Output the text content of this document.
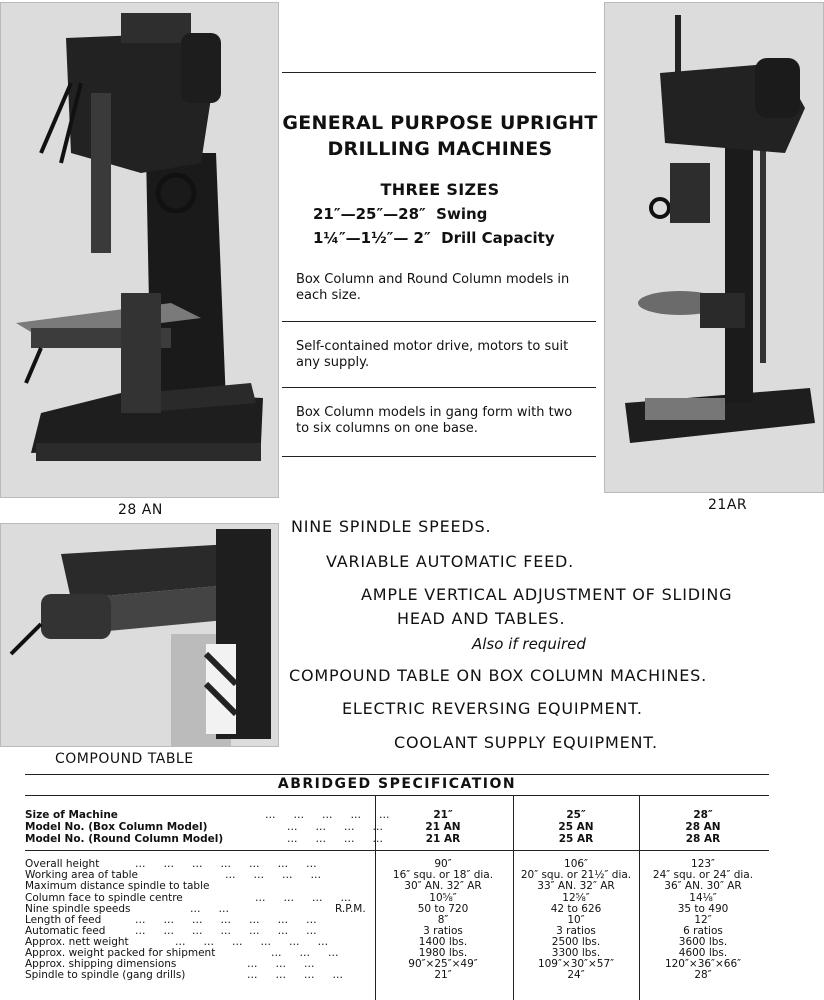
28 AN	21AR
COMPOUND TABLE
GENERAL PURPOSE UPRIGHT
DRILLING MACHINES
THREE SIZES
21″—25″—28″  Swing
1¼″—1½″— 2″  Drill Capacity
Box Column and Round Column models in each size.
Self-contained motor drive, motors to suit any supply.
Box Column models in gang form with two to six columns on one base.
NINE SPINDLE SPEEDS.
VARIABLE AUTOMATIC FEED.
AMPLE VERTICAL ADJUSTMENT OF SLIDING
HEAD AND TABLES.
Also if required
COMPOUND TABLE ON BOX COLUMN MACHINES.
ELECTRIC REVERSING EQUIPMENT.
COOLANT SUPPLY EQUIPMENT.
ABRIDGED SPECIFICATION
Size of Machine
Model No. (Box Column Model)
Model No. (Round Column Model)
…   …   …   …   …
…   …   …   …
…   …   …   …
21″
21 AN
21 AR
25″
25 AN
25 AR
28″
28 AN
28 AR
Overall height
Working area of table
Maximum distance spindle to table
Column face to spindle centre
Nine spindle speeds
Length of feed
Automatic feed
Approx. nett weight
Approx. weight packed for shipment
Approx. shipping dimensions
Spindle to spindle (gang drills)
…   …   …   …   …   …   …
…   …   …   …
…   …   …   …
…   …	R.P.M.
…   …   …   …   …   …   …
…   …   …   …   …   …   …
…   …   …   …   …   …
…   …   …
…   …   …
…   …   …   …
90″
16″ squ. or 18″ dia.
30″ AN. 32″ AR
10⅝″
50 to 720
8″
3 ratios
1400 lbs.
1980 lbs.
90″×25″×49″
21″
106″
20″ squ. or 21½″ dia.
33″ AN. 32″ AR
12⅝″
42 to 626
10″
3 ratios
2500 lbs.
3300 lbs.
109″×30″×57″
24″
123″
24″ squ. or 24″ dia.
36″ AN. 30″ AR
14⅛″
35 to 490
12″
6 ratios
3600 lbs.
4600 lbs.
120″×36″×66″
28″
